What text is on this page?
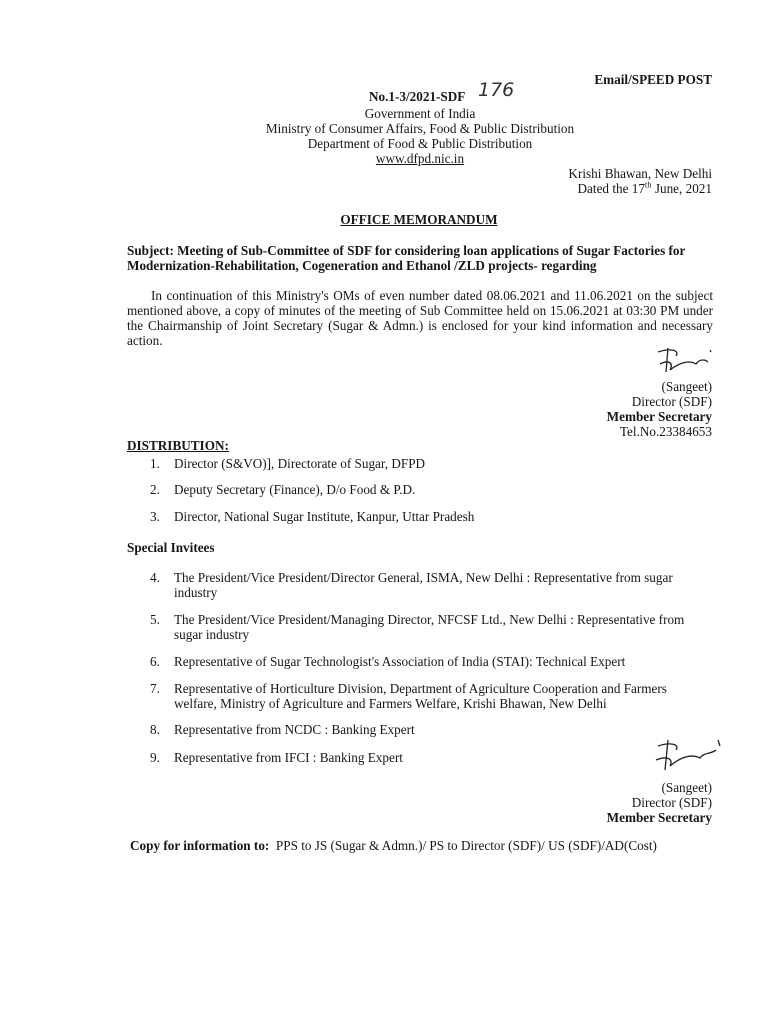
Email/SPEED POST
No.1-3/2021-SDF 176
Government of India
Ministry of Consumer Affairs, Food & Public Distribution
Department of Food & Public Distribution
www.dfpd.nic.in
Krishi Bhawan, New Delhi
Dated the 17th June, 2021
OFFICE MEMORANDUM
Subject: Meeting of Sub-Committee of SDF for considering loan applications of Sugar Factories for
Modernization-Rehabilitation, Cogeneration and Ethanol /ZLD projects- regarding
In continuation of this Ministry's OMs of even number dated 08.06.2021 and 11.06.2021 on the subject mentioned above, a copy of minutes of the meeting of Sub Committee held on 15.06.2021 at 03:30 PM under the Chairmanship of Joint Secretary (Sugar & Admn.) is enclosed for your kind information and necessary action.
(Sangeet)
Director (SDF)
Member Secretary
Tel.No.23384653
DISTRIBUTION:
1.	Director (S&VO)], Directorate of Sugar, DFPD
2.	Deputy Secretary (Finance), D/o Food & P.D.
3.	Director, National Sugar Institute, Kanpur, Uttar Pradesh
Special Invitees
4.	The President/Vice President/Director General, ISMA, New Delhi : Representative from sugar
industry
5.	The President/Vice President/Managing Director, NFCSF Ltd., New Delhi : Representative from
sugar industry
6.	Representative of Sugar Technologist's Association of India (STAI): Technical Expert
7.	Representative of Horticulture Division, Department of Agriculture Cooperation and Farmers
welfare, Ministry of Agriculture and Farmers Welfare, Krishi Bhawan, New Delhi
8.	Representative from NCDC : Banking Expert
9.	Representative from IFCI : Banking Expert
(Sangeet)
Director (SDF)
Member Secretary
Copy for information to: PPS to JS (Sugar & Admn.)/ PS to Director (SDF)/ US (SDF)/AD(Cost)
